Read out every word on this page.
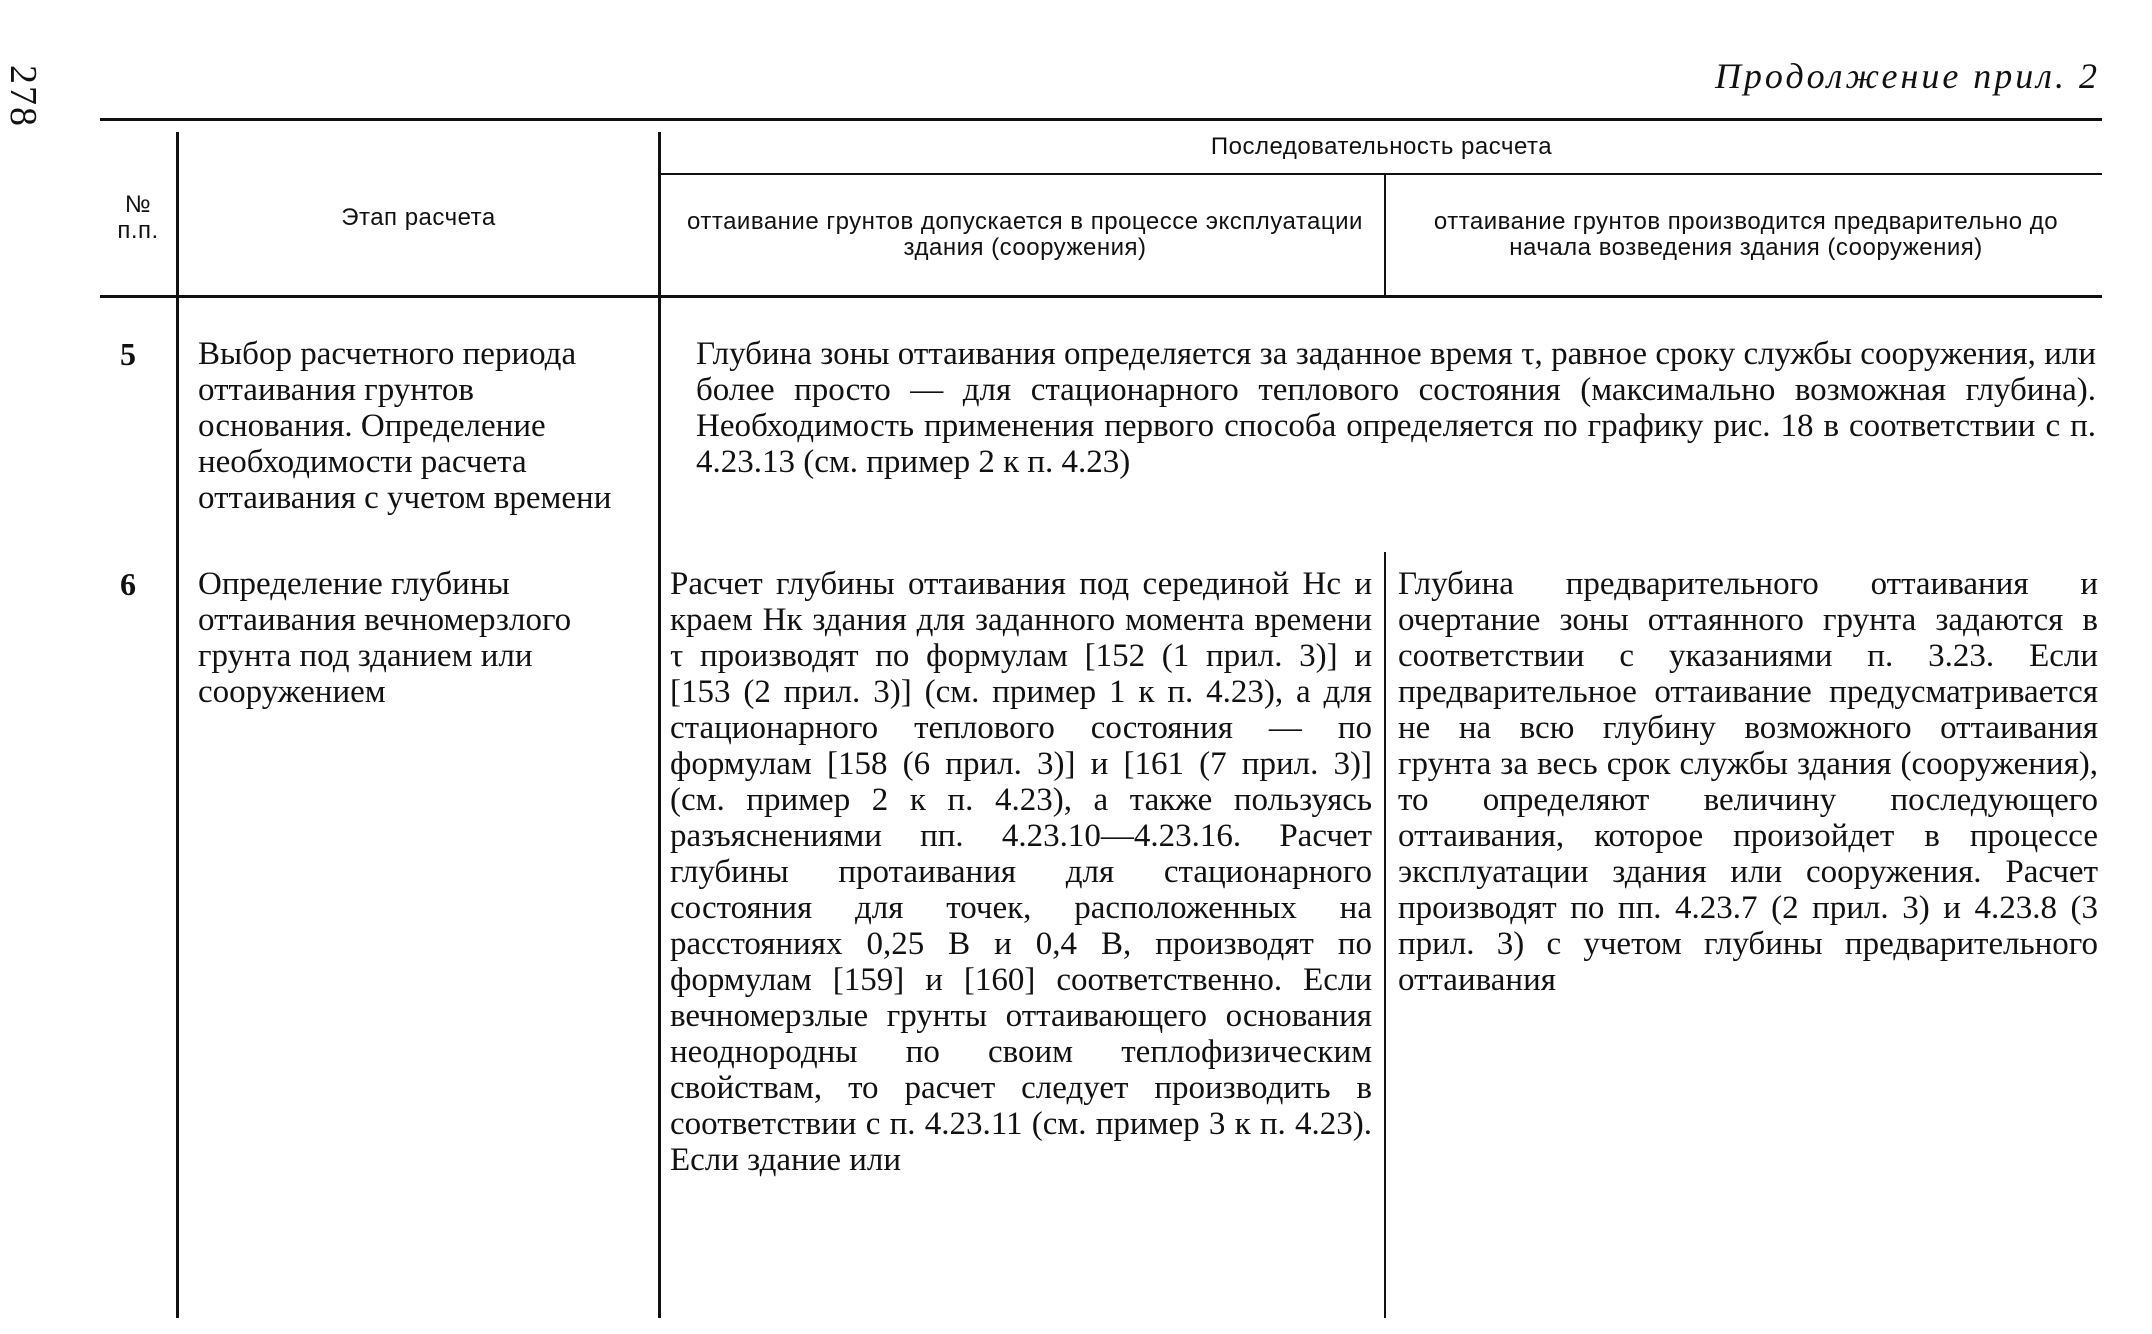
278	Продолжение прил. 2
№ п.п.	Этап расчета
Последовательность расчета
оттаивание грунтов допускается в процессе эксплуатации здания (сооружения)
оттаивание грунтов производится предварительно до начала возведения здания (сооружения)
5 Выбор расчетного периода оттаивания грунтов основания. Определение необходимости расчета оттаивания с учетом времени
Глубина зоны оттаивания определяется за заданное время τ, равное сроку службы сооружения, или более просто — для стационарного теплового состояния (максимально возможная глубина). Необходимость применения первого способа определяется по графику рис. 18 в соответствии с п. 4.23.13 (см. пример 2 к п. 4.23)
6 Определение глубины оттаивания вечномерзлого грунта под зданием или сооружением
Расчет глубины оттаивания под серединой Hс и краем Hк здания для заданного момента времени τ производят по формулам [152 (1 прил. 3)] и [153 (2 прил. 3)] (см. пример 1 к п. 4.23), а для стационарного теплового состояния — по формулам [158 (6 прил. 3)] и [161 (7 прил. 3)] (см. пример 2 к п. 4.23), а также пользуясь разъяснениями пп. 4.23.10—4.23.16. Расчет глубины протаивания для стационарного состояния для точек, расположенных на расстояниях 0,25 B и 0,4 B, производят по формулам [159] и [160] соответственно. Если вечномерзлые грунты оттаивающего основания неоднородны по своим теплофизическим свойствам, то расчет следует производить в соответствии с п. 4.23.11 (см. пример 3 к п. 4.23). Если здание или
Глубина предварительного оттаивания и очертание зоны оттаянного грунта задаются в соответствии с указаниями п. 3.23. Если предварительное оттаивание предусматривается не на всю глубину возможного оттаивания грунта за весь срок службы здания (сооружения), то определяют величину последующего оттаивания, которое произойдет в процессе эксплуатации здания или сооружения. Расчет производят по пп. 4.23.7 (2 прил. 3) и 4.23.8 (3 прил. 3) с учетом глубины предварительного оттаивания
